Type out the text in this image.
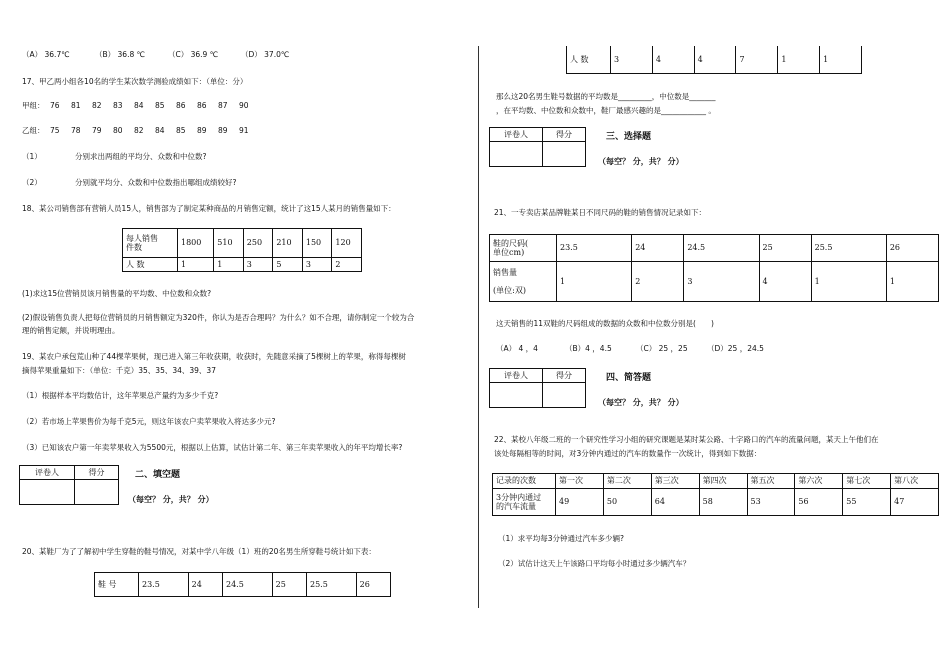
（A） 36.7℃	（B） 36.8 ℃	（C） 36.9 ℃	（D） 37.0℃
17、甲乙两小组各10名的学生某次数学测验成绩如下：（单位：分）
甲组： 76 81 82 83 84 85 86 86 87 90
乙组： 75 78 79 80 82 84 85 89 89 91
（1）	分别求出两组的平均分、众数和中位数?
（2）	分别就平均分、众数和中位数指出哪组成绩较好?
18、某公司销售部有营销人员15人，销售部为了制定某种商品的月销售定额，统计了这15人某月的销售量如下：
每人销售
件数	1800	510	250	210	150	120
人 数	1	1	3	5	3	2
(1)求这15位营销员该月销售量的平均数、中位数和众数?
(2)假设销售负责人把每位营销员的月销售额定为320件，你认为是否合理吗？为什么？如不合理，请你制定一个较为合
理的销售定额，并说明理由。
19、某农户承包荒山种了44棵苹果树，现已进入第三年收获期，收获时，先随意采摘了5棵树上的苹果，称得每棵树
摘得苹果重量如下：（单位：千克）35、35、34、39、37
（1）根据样本平均数估计，这年苹果总产量约为多少千克?
（2）若市场上苹果售价为每千克5元，则这年该农户卖苹果收入将达多少元?
（3）已知该农户第一年卖苹果收入为5500元，根据以上估算，试估计第二年、第三年卖苹果收入的年平均增长率?
评卷人	得分
		二、填空题
（每空？ 分，共？ 分）
20、某鞋厂为了了解初中学生穿鞋的鞋号情况，对某中学八年级（1）班的20名男生所穿鞋号统计如下表：
鞋 号	23.5	24	24.5	25	25.5	26
人 数	3	4	4	7	1	1
那么这20名男生鞋号数据的平均数是_________，中位数是_______
，在平均数、中位数和众数中，鞋厂最感兴趣的是____________ 。
评卷人	得分
		三、选择题
（每空？ 分，共？ 分）
21、一专卖店某品牌鞋某日不同尺码的鞋的销售情况记录如下：
鞋的尺码(
单位cm)	23.5	24	24.5	25	25.5	26
销售量

(单位:双)	1	2	3	4	1	1
这天销售的11双鞋的尺码组成的数据的众数和中位数分别是(　　)
（A） 4 ，4	（B）4 ，4.5	（C） 25 ，25	（D）25 ，24.5
评卷人	得分
		四、简答题
（每空？ 分，共？ 分）
22、某校八年级二班的一个研究性学习小组的研究课题是某时某公路、十字路口的汽车的流量问题，某天上午他们在
该处每隔相等的时间，对3分钟内通过的汽车的数量作一次统计，得到如下数据：
记录的次数	第一次	第二次	第三次	第四次	第五次	第六次	第七次	第八次
3分钟内通过
的汽车流量	49	50	64	58	53	56	55	47
（1）求平均每3分钟通过汽车多少辆?
（2）试估计这天上午该路口平均每小时通过多少辆汽车？
